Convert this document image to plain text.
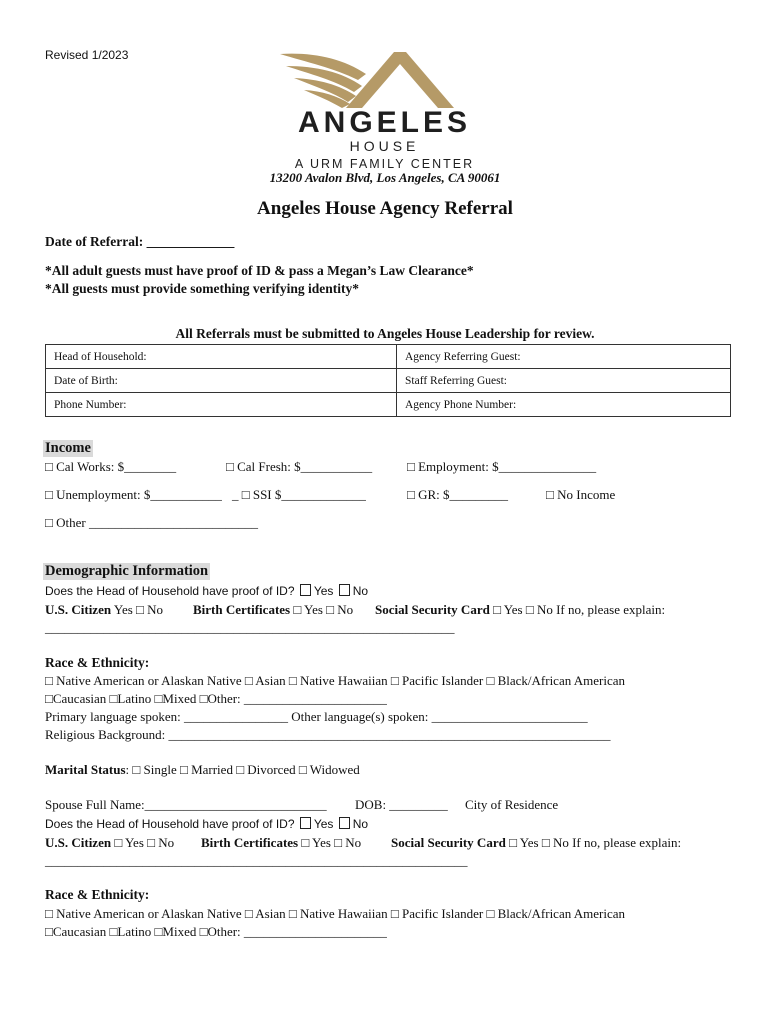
Revised 1/2023
ANGELES
HOUSE
A URM FAMILY CENTER
13200 Avalon Blvd, Los Angeles, CA 90061
Angeles House Agency Referral
Date of Referral: _____________
*All adult guests must have proof of ID & pass a Megan’s Law Clearance*
*All guests must provide something verifying identity*
All Referrals must be submitted to Angeles House Leadership for review.
Head of Household:	Agency Referring Guest:
Date of Birth:	Staff Referring Guest:
Phone Number:	Agency Phone Number:
Income
□ Cal Works: $________	□ Cal Fresh: $___________	□ Employment: $_______________
□ Unemployment: $___________ _ □ SSI $_____________	□ GR: $_________	□ No Income
□ Other __________________________
Demographic Information
Does the Head of Household have proof of ID? Yes No
U.S. Citizen Yes □ No Birth Certificates □ Yes □ No Social Security Card □ Yes □ No If no, please explain:
_______________________________________________________________
Race & Ethnicity:
□ Native American or Alaskan Native □ Asian □ Native Hawaiian □ Pacific Islander □ Black/African American
□Caucasian □Latino □Mixed □Other: ______________________
Primary language spoken: ________________ Other language(s) spoken: ________________________
Religious Background: ____________________________________________________________________
Marital Status: □ Single □ Married □ Divorced □ Widowed
Spouse Full Name:____________________________ DOB: _________ City of Residence
Does the Head of Household have proof of ID? Yes No
U.S. Citizen □ Yes □ No Birth Certificates □ Yes □ No Social Security Card □ Yes □ No If no, please explain:
_________________________________________________________________
Race & Ethnicity:
□ Native American or Alaskan Native □ Asian □ Native Hawaiian □ Pacific Islander □ Black/African American
□Caucasian □Latino □Mixed □Other: ______________________
